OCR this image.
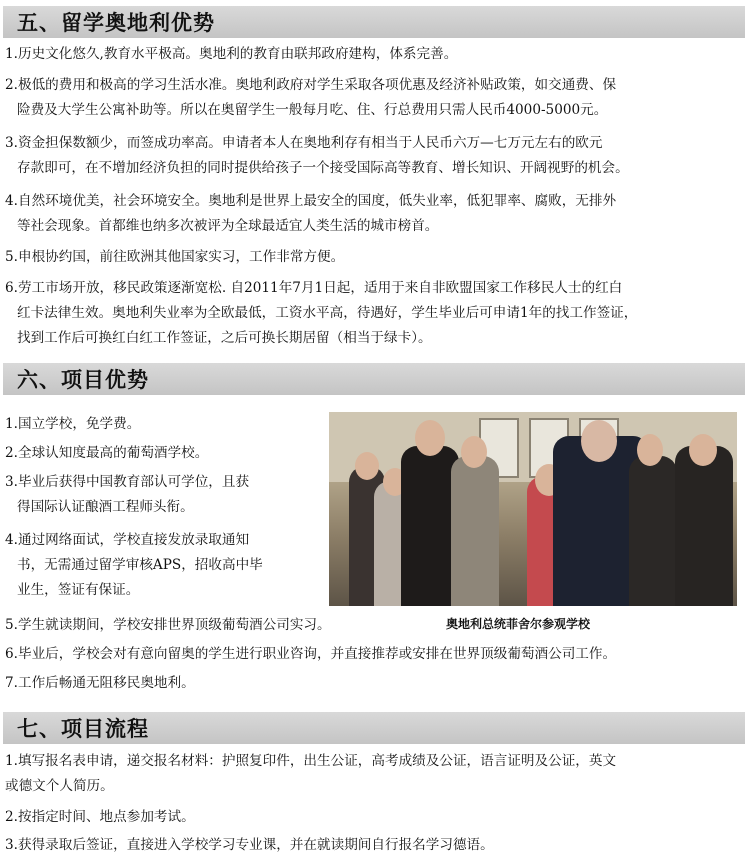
五、留学奥地利优势
1.历史文化悠久,教育水平极高。奥地利的教育由联邦政府建构，体系完善。
2.极低的费用和极高的学习生活水准。奥地利政府对学生采取各项优惠及经济补贴政策，如交通费、保
险费及大学生公寓补助等。所以在奥留学生一般每月吃、住、行总费用只需人民币4000-5000元。
3.资金担保数额少，而签成功率高。申请者本人在奥地利存有相当于人民币六万—七万元左右的欧元
存款即可，在不增加经济负担的同时提供给孩子一个接受国际高等教育、增长知识、开阔视野的机会。
4.自然环境优美，社会环境安全。奥地利是世界上最安全的国度，低失业率，低犯罪率、腐败，无排外
等社会现象。首都维也纳多次被评为全球最适宜人类生活的城市榜首。
5.申根协约国，前往欧洲其他国家实习，工作非常方便。
6.劳工市场开放，移民政策逐渐宽松. 自2011年7月1日起，适用于来自非欧盟国家工作移民人士的红白
红卡法律生效。奥地利失业率为全欧最低，工资水平高，待遇好，学生毕业后可申请1年的找工作签证，
找到工作后可换红白红工作签证，之后可换长期居留（相当于绿卡）。
六、项目优势
1.国立学校，免学费。
2.全球认知度最高的葡萄酒学校。
3.毕业后获得中国教育部认可学位，且获
得国际认证酿酒工程师头衔。
4.通过网络面试，学校直接发放录取通知
书，无需通过留学审核APS，招收高中毕
业生，签证有保证。
5.学生就读期间，学校安排世界顶级葡萄酒公司实习。
6.毕业后，学校会对有意向留奥的学生进行职业咨询，并直接推荐或安排在世界顶级葡萄酒公司工作。
7.工作后畅通无阻移民奥地利。
奥地利总统菲舍尔参观学校
七、项目流程
1.填写报名表申请，递交报名材料：护照复印件，出生公证，高考成绩及公证，语言证明及公证，英文
或德文个人简历。
2.按指定时间、地点参加考试。
3.获得录取后签证，直接进入学校学习专业课，并在就读期间自行报名学习德语。
